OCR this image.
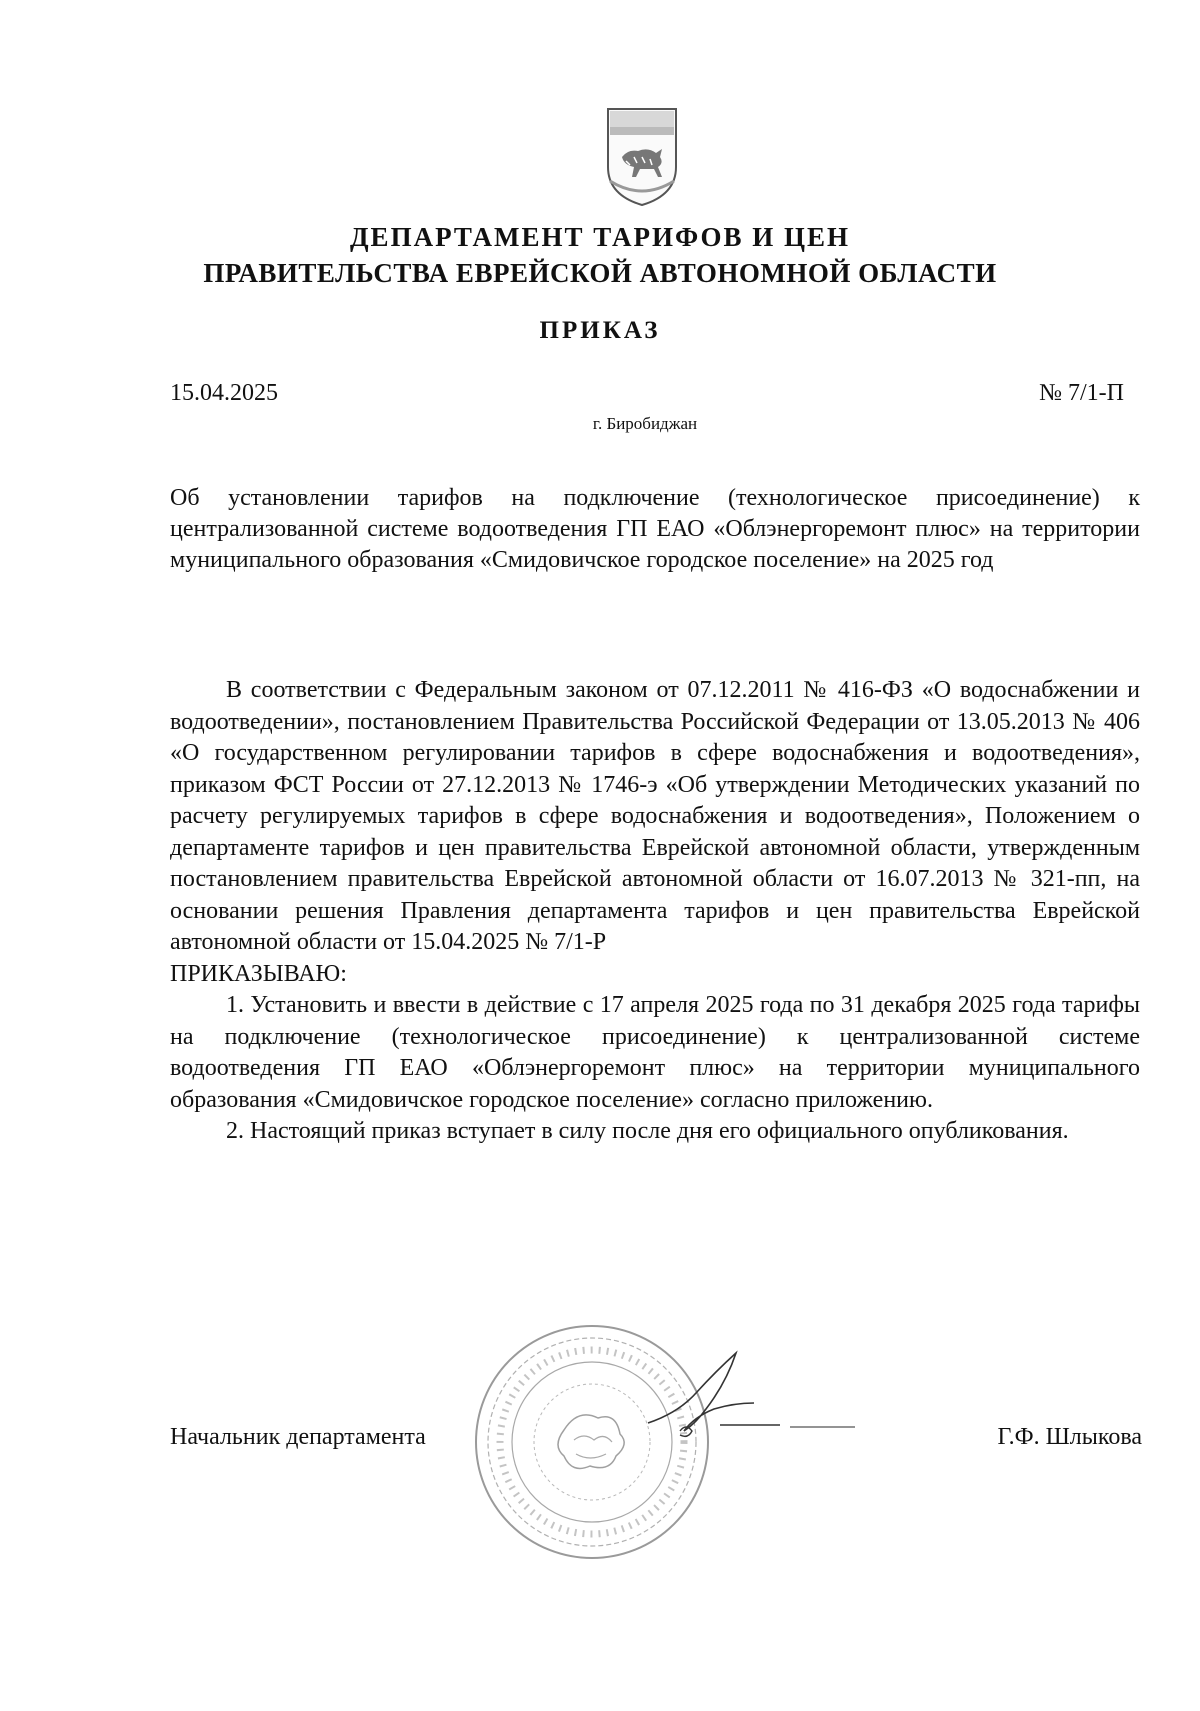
ДЕПАРТАМЕНТ ТАРИФОВ И ЦЕН
ПРАВИТЕЛЬСТВА ЕВРЕЙСКОЙ АВТОНОМНОЙ ОБЛАСТИ
ПРИКАЗ
15.04.2025	№ 7/1-П
г. Биробиджан
Об установлении тарифов на подключение (технологическое присоединение) к централизованной системе водоотведения ГП ЕАО «Облэнергоремонт плюс» на территории муниципального образования «Смидовичское городское поселение» на 2025 год

В соответствии с Федеральным законом от 07.12.2011 № 416-ФЗ «О водоснабжении и водоотведении», постановлением Правительства Российской Федерации от 13.05.2013 № 406 «О государственном регулировании тарифов в сфере водоснабжения и водоотведения», приказом ФСТ России от 27.12.2013 № 1746-э «Об утверждении Методических указаний по расчету регулируемых тарифов в сфере водоснабжения и водоотведения», Положением о департаменте тарифов и цен правительства Еврейской автономной области, утвержденным постановлением правительства Еврейской автономной области от 16.07.2013 № 321-пп, на основании решения Правления департамента тарифов и цен правительства Еврейской автономной области от 15.04.2025 № 7/1-Р

ПРИКАЗЫВАЮ:

1. Установить и ввести в действие с 17 апреля 2025 года по 31 декабря 2025 года тарифы на подключение (технологическое присоединение) к централизованной системе водоотведения ГП ЕАО «Облэнергоремонт плюс» на территории муниципального образования «Смидовичское городское поселение» согласно приложению.

2. Настоящий приказ вступает в силу после дня его официального опубликования.

Начальник департамента	Г.Ф. Шлыкова
